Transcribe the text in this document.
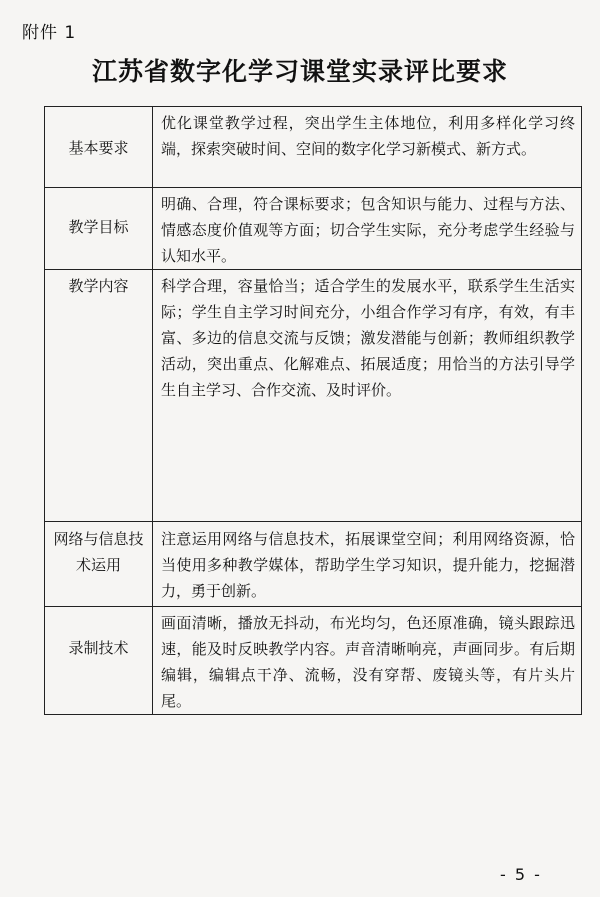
附件 1
江苏省数字化学习课堂实录评比要求
基本要求	优化课堂教学过程，突出学生主体地位，利用多样化学习终端，探索突破时间、空间的数字化学习新模式、新方式。
教学目标	明确、合理，符合课标要求；包含知识与能力、过程与方法、情感态度价值观等方面；切合学生实际，充分考虑学生经验与认知水平。
教学内容	科学合理，容量恰当；适合学生的发展水平，联系学生生活实际；学生自主学习时间充分，小组合作学习有序，有效，有丰富、多边的信息交流与反馈；激发潜能与创新；教师组织教学活动，突出重点、化解难点、拓展适度；用恰当的方法引导学生自主学习、合作交流、及时评价。
网络与信息技术运用	注意运用网络与信息技术，拓展课堂空间；利用网络资源，恰当使用多种教学媒体，帮助学生学习知识，提升能力，挖掘潜力，勇于创新。
录制技术	画面清晰，播放无抖动，布光均匀，色还原准确，镜头跟踪迅速，能及时反映教学内容。声音清晰响亮，声画同步。有后期编辑，编辑点干净、流畅，没有穿帮、废镜头等，有片头片尾。
- 5 -
